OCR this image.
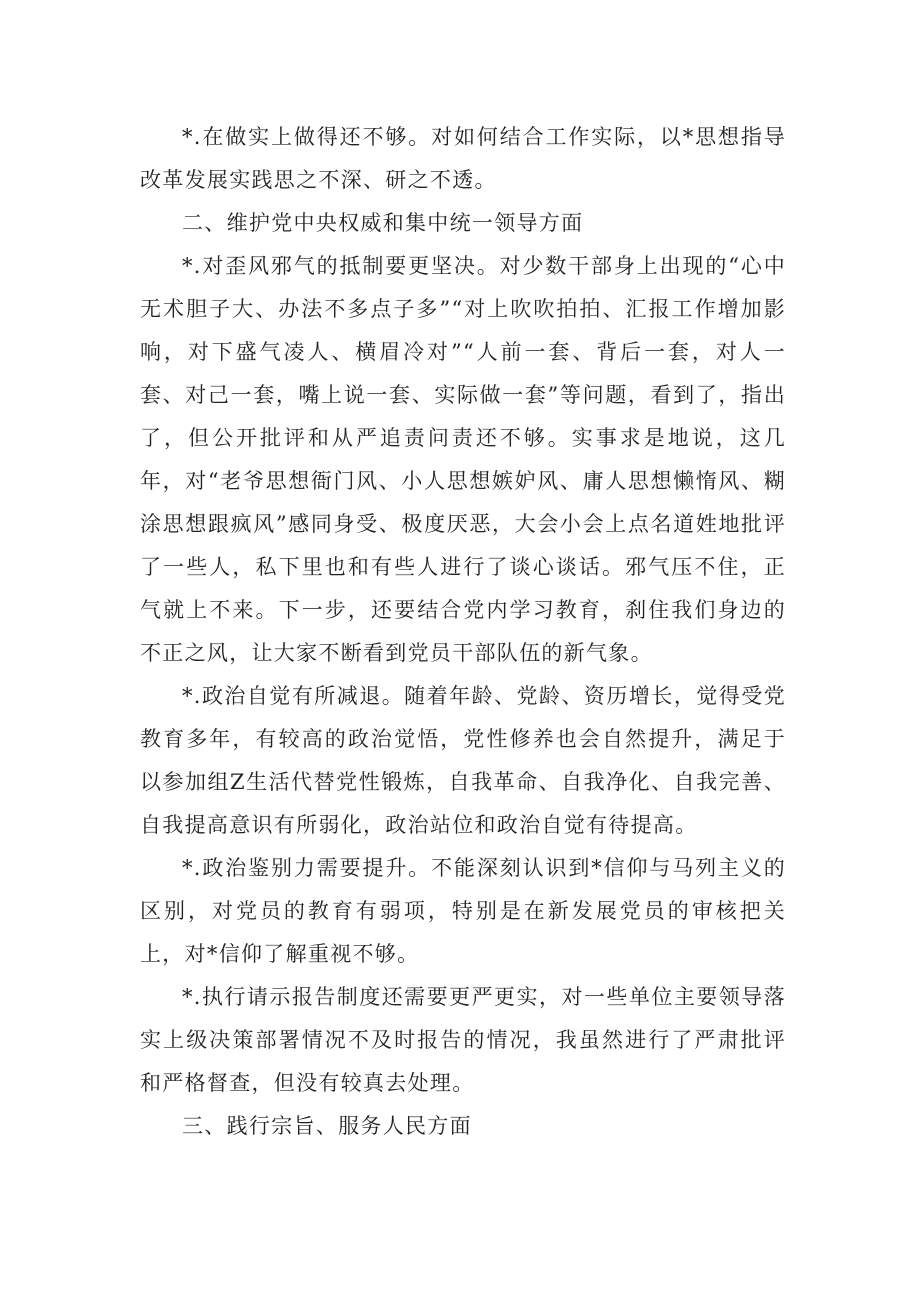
*.在做实上做得还不够。对如何结合工作实际，以*思想指导改革发展实践思之不深、研之不透。

二、维护党中央权威和集中统一领导方面

*.对歪风邪气的抵制要更坚决。对少数干部身上出现的“心中无术胆子大、办法不多点子多”“对上吹吹拍拍、汇报工作增加影响，对下盛气凌人、横眉冷对”“人前一套、背后一套，对人一套、对己一套，嘴上说一套、实际做一套”等问题，看到了，指出了，但公开批评和从严追责问责还不够。实事求是地说，这几年，对“老爷思想衙门风、小人思想嫉妒风、庸人思想懒惰风、糊涂思想跟疯风”感同身受、极度厌恶，大会小会上点名道姓地批评了一些人，私下里也和有些人进行了谈心谈话。邪气压不住，正气就上不来。下一步，还要结合党内学习教育，刹住我们身边的不正之风，让大家不断看到党员干部队伍的新气象。

*.政治自觉有所减退。随着年龄、党龄、资历增长，觉得受党教育多年，有较高的政治觉悟，党性修养也会自然提升，满足于以参加组Z生活代替党性锻炼，自我革命、自我净化、自我完善、自我提高意识有所弱化，政治站位和政治自觉有待提高。

*.政治鉴别力需要提升。不能深刻认识到*信仰与马列主义的区别，对党员的教育有弱项，特别是在新发展党员的审核把关上，对*信仰了解重视不够。

*.执行请示报告制度还需要更严更实，对一些单位主要领导落实上级决策部署情况不及时报告的情况，我虽然进行了严肃批评和严格督查，但没有较真去处理。

三、践行宗旨、服务人民方面
